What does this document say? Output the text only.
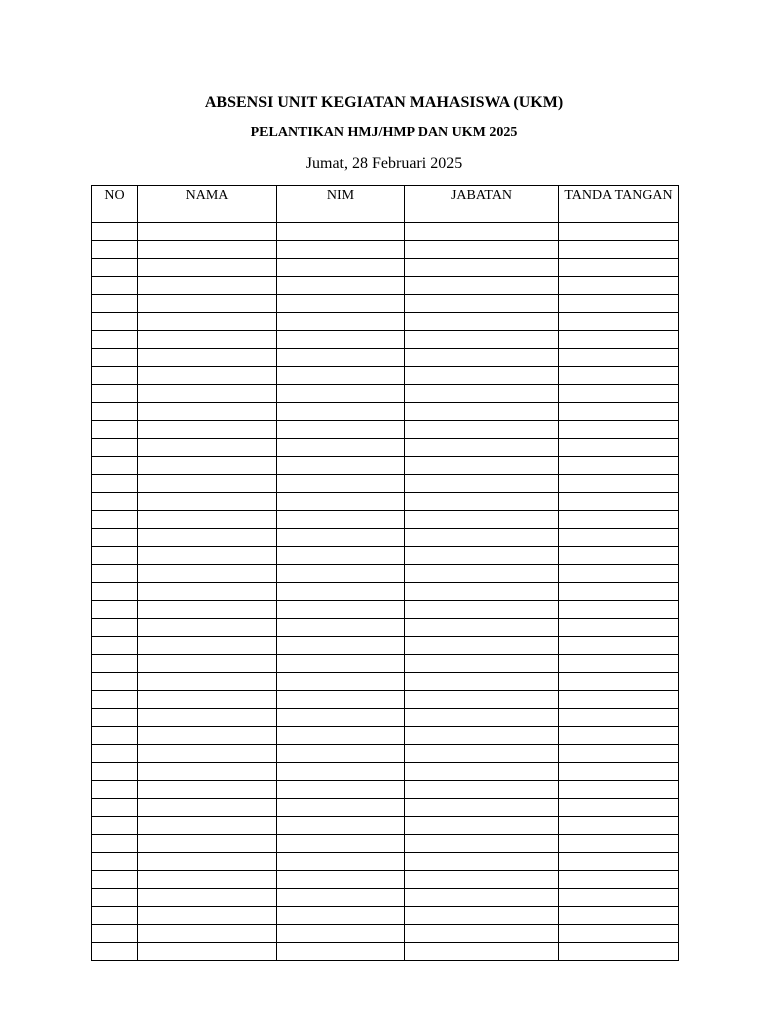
ABSENSI UNIT KEGIATAN MAHASISWA (UKM)
PELANTIKAN HMJ/HMP DAN UKM 2025
Jumat, 28 Februari 2025
NO	NAMA	NIM	JABATAN	TANDA TANGAN
